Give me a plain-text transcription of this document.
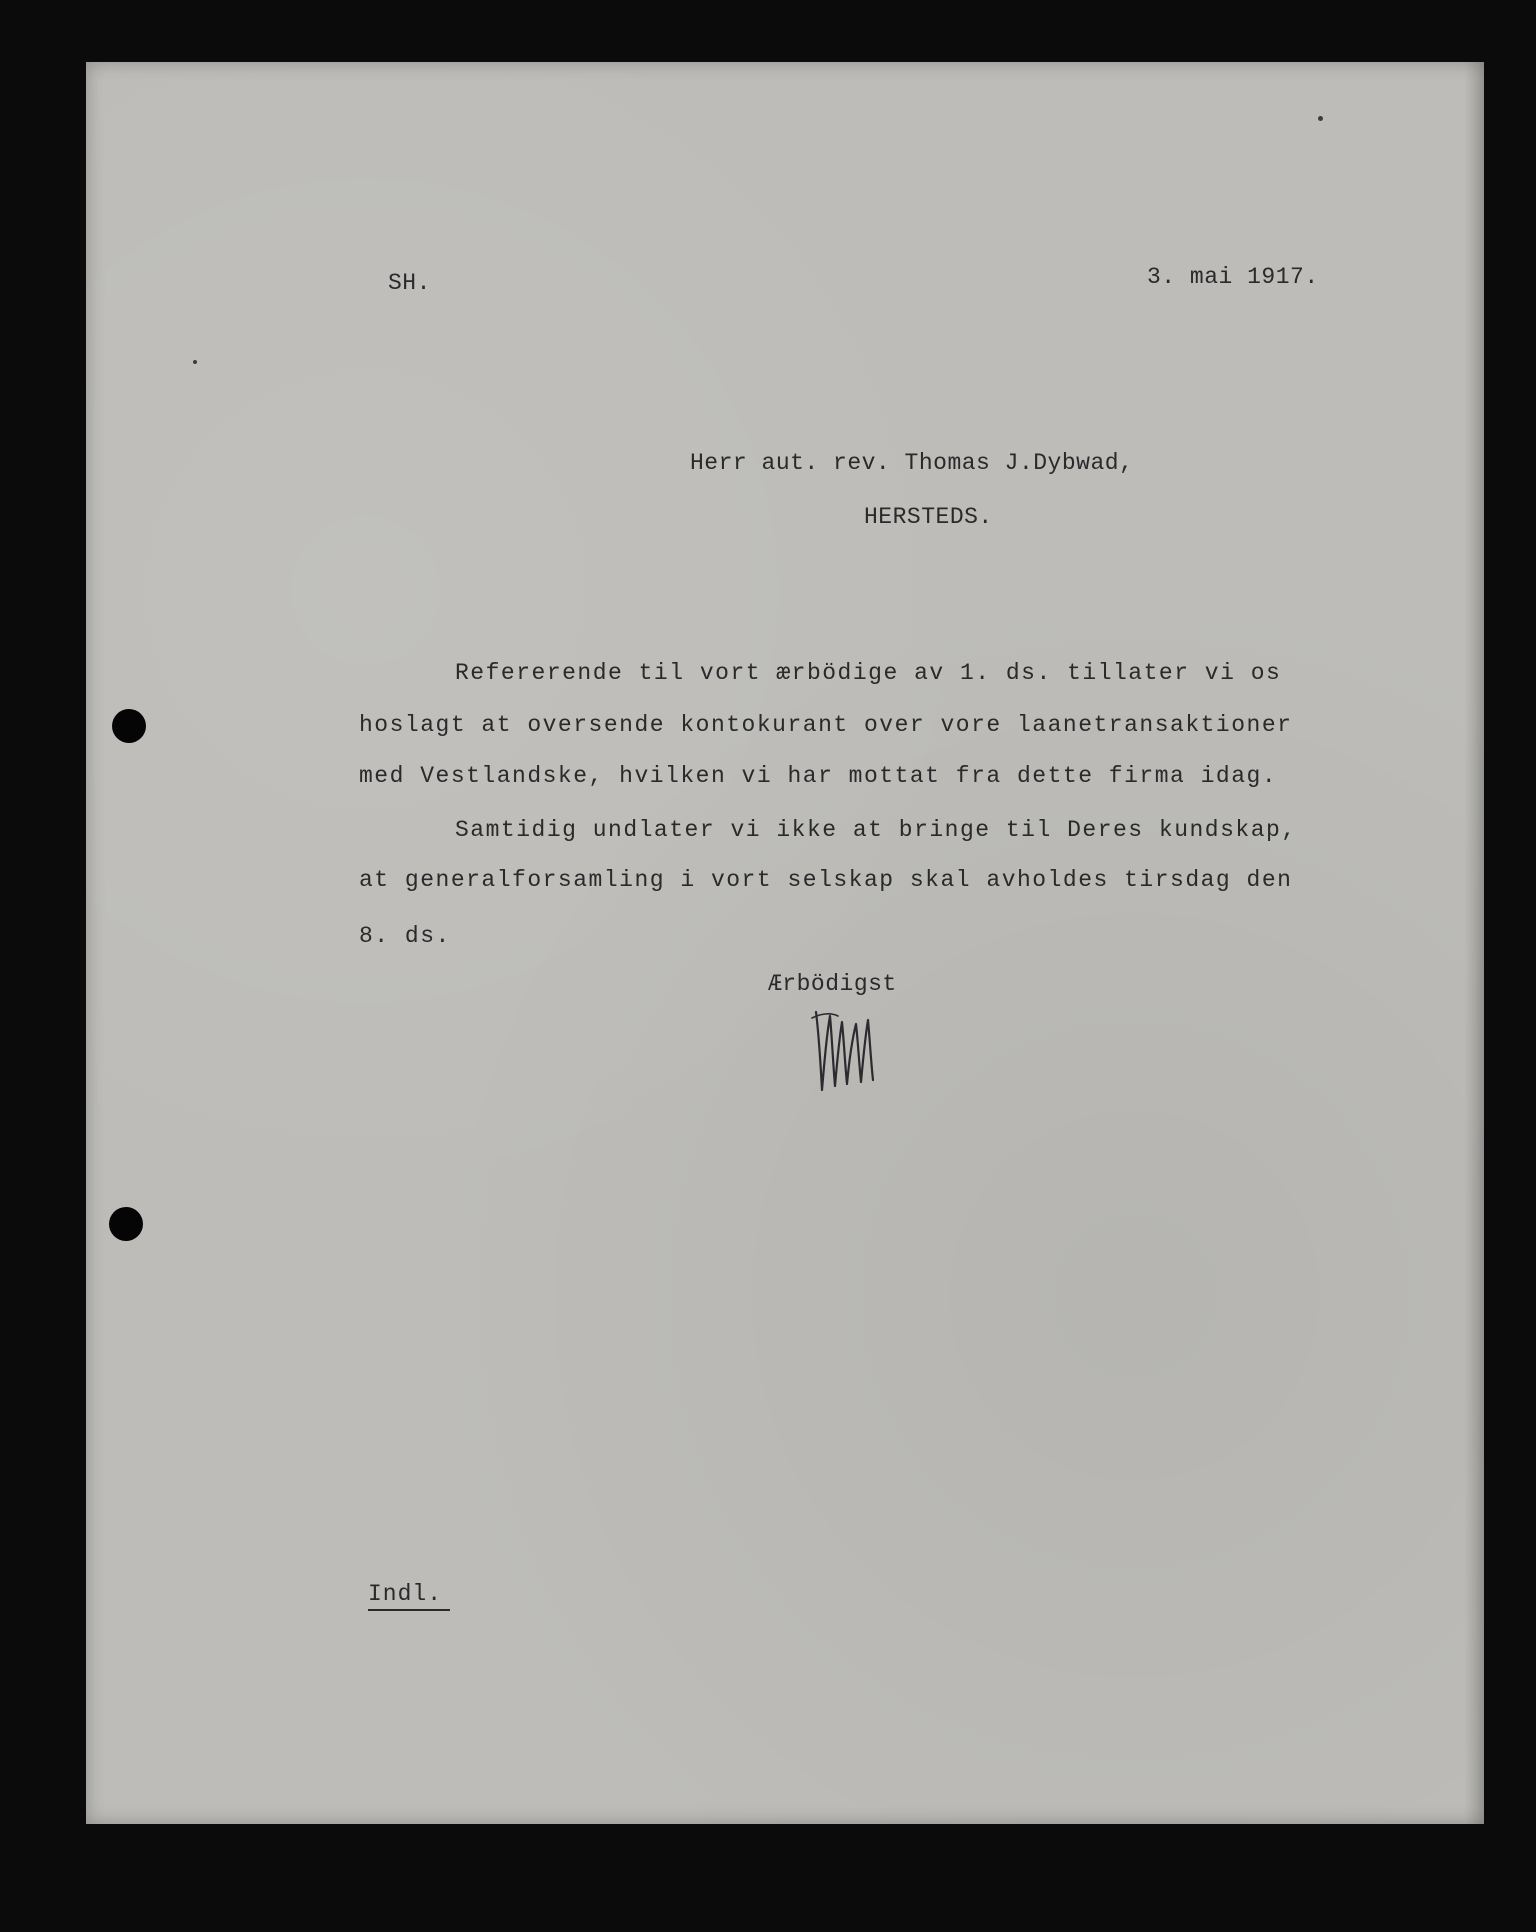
SH.	3. mai 1917.
Herr aut. rev. Thomas J.Dybwad,
HERSTEDS.
Refererende til vort ærbödige av 1. ds. tillater vi os
hoslagt at oversende kontokurant over vore laanetransaktioner
med Vestlandske, hvilken vi har mottat fra dette firma idag.
Samtidig undlater vi ikke at bringe til Deres kundskap,
at generalforsamling i vort selskap skal avholdes tirsdag den
8. ds.
Ærbödigst
Indl.
